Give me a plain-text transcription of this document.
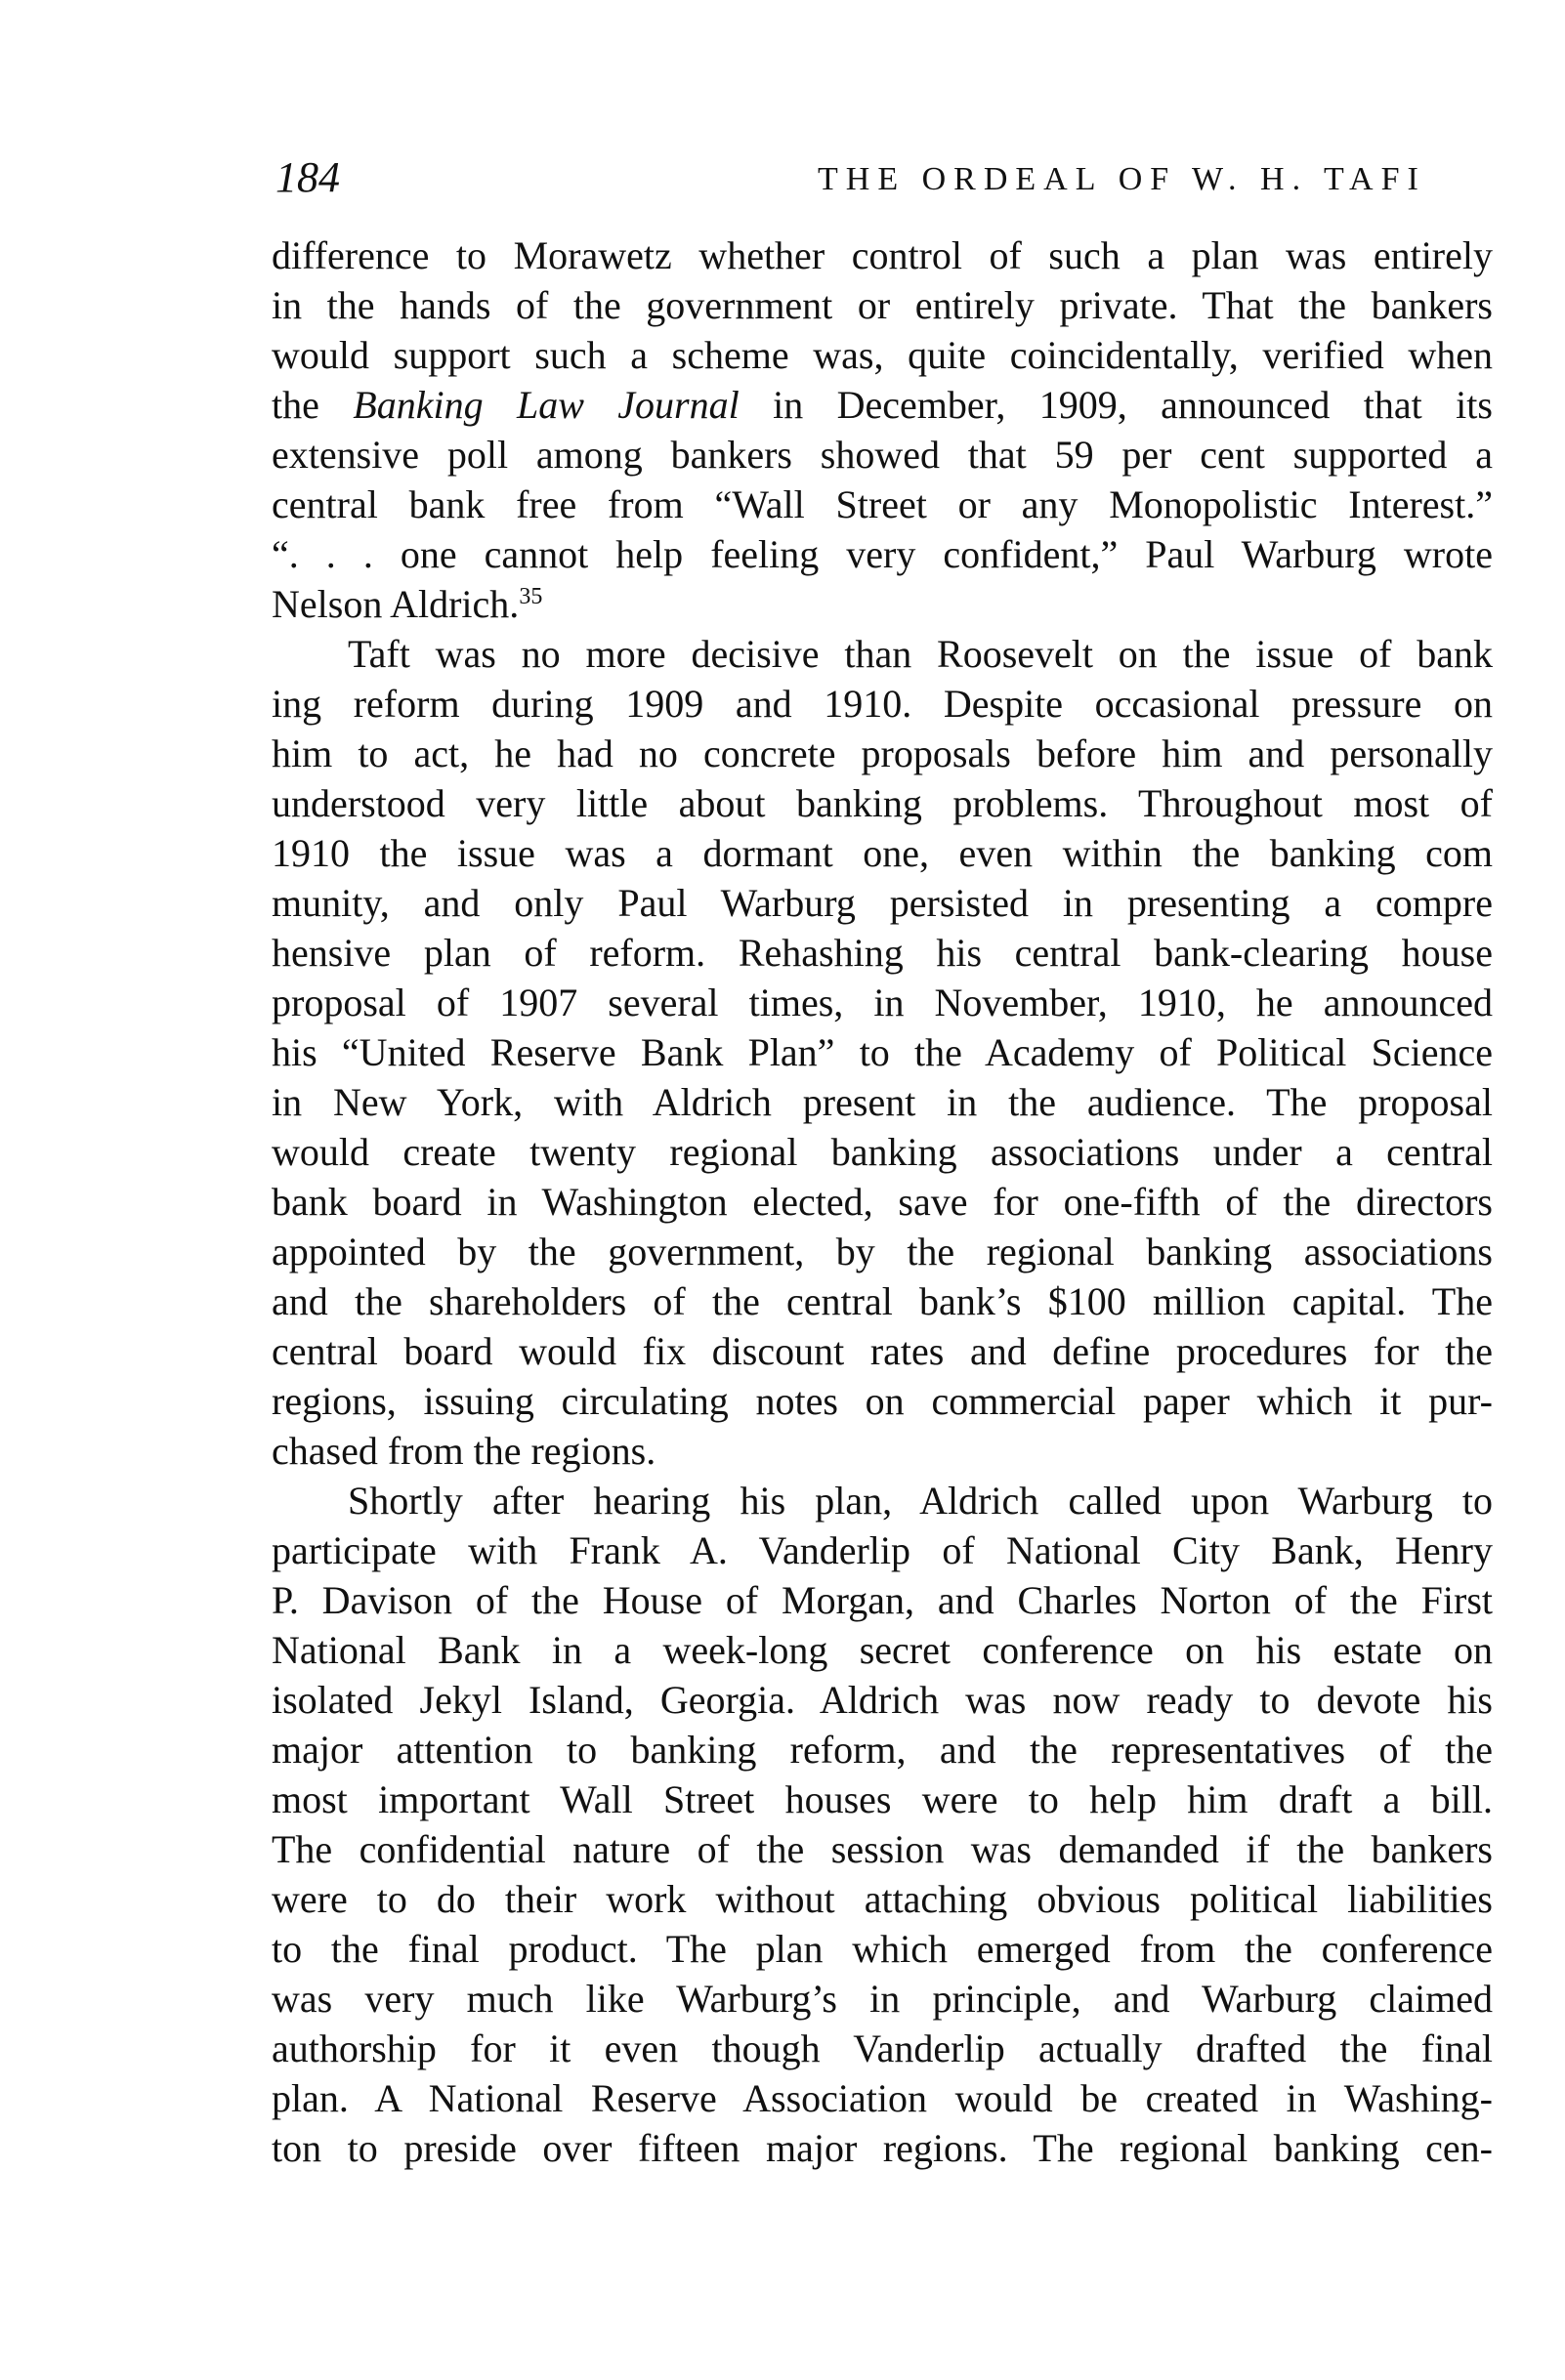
184	THE ORDEAL OF W. H. TAFI
difference to Morawetz whether control of such a plan was entirely
in the hands of the government or entirely private. That the bankers
would support such a scheme was, quite coincidentally, verified when
the Banking Law Journal in December, 1909, announced that its
extensive poll among bankers showed that 59 per cent supported a
central bank free from “Wall Street or any Monopolistic Interest.”
“. . . one cannot help feeling very confident,” Paul Warburg wrote
Nelson Aldrich.$^{35}$
Taft was no more decisive than Roosevelt on the issue of bank
ing reform during 1909 and 1910. Despite occasional pressure on
him to act, he had no concrete proposals before him and personally
understood very little about banking problems. Throughout most of
1910 the issue was a dormant one, even within the banking com
munity, and only Paul Warburg persisted in presenting a compre
hensive plan of reform. Rehashing his central bank-clearing house
proposal of 1907 several times, in November, 1910, he announced
his “United Reserve Bank Plan” to the Academy of Political Science
in New York, with Aldrich present in the audience. The proposal
would create twenty regional banking associations under a central
bank board in Washington elected, save for one-fifth of the directors
appointed by the government, by the regional banking associations
and the shareholders of the central bank’s $100 million capital. The
central board would fix discount rates and define procedures for the
regions, issuing circulating notes on commercial paper which it pur-
chased from the regions.
Shortly after hearing his plan, Aldrich called upon Warburg to
participate with Frank A. Vanderlip of National City Bank, Henry
P. Davison of the House of Morgan, and Charles Norton of the First
National Bank in a week-long secret conference on his estate on
isolated Jekyl Island, Georgia. Aldrich was now ready to devote his
major attention to banking reform, and the representatives of the
most important Wall Street houses were to help him draft a bill.
The confidential nature of the session was demanded if the bankers
were to do their work without attaching obvious political liabilities
to the final product. The plan which emerged from the conference
was very much like Warburg’s in principle, and Warburg claimed
authorship for it even though Vanderlip actually drafted the final
plan. A National Reserve Association would be created in Washing-
ton to preside over fifteen major regions. The regional banking cen-
